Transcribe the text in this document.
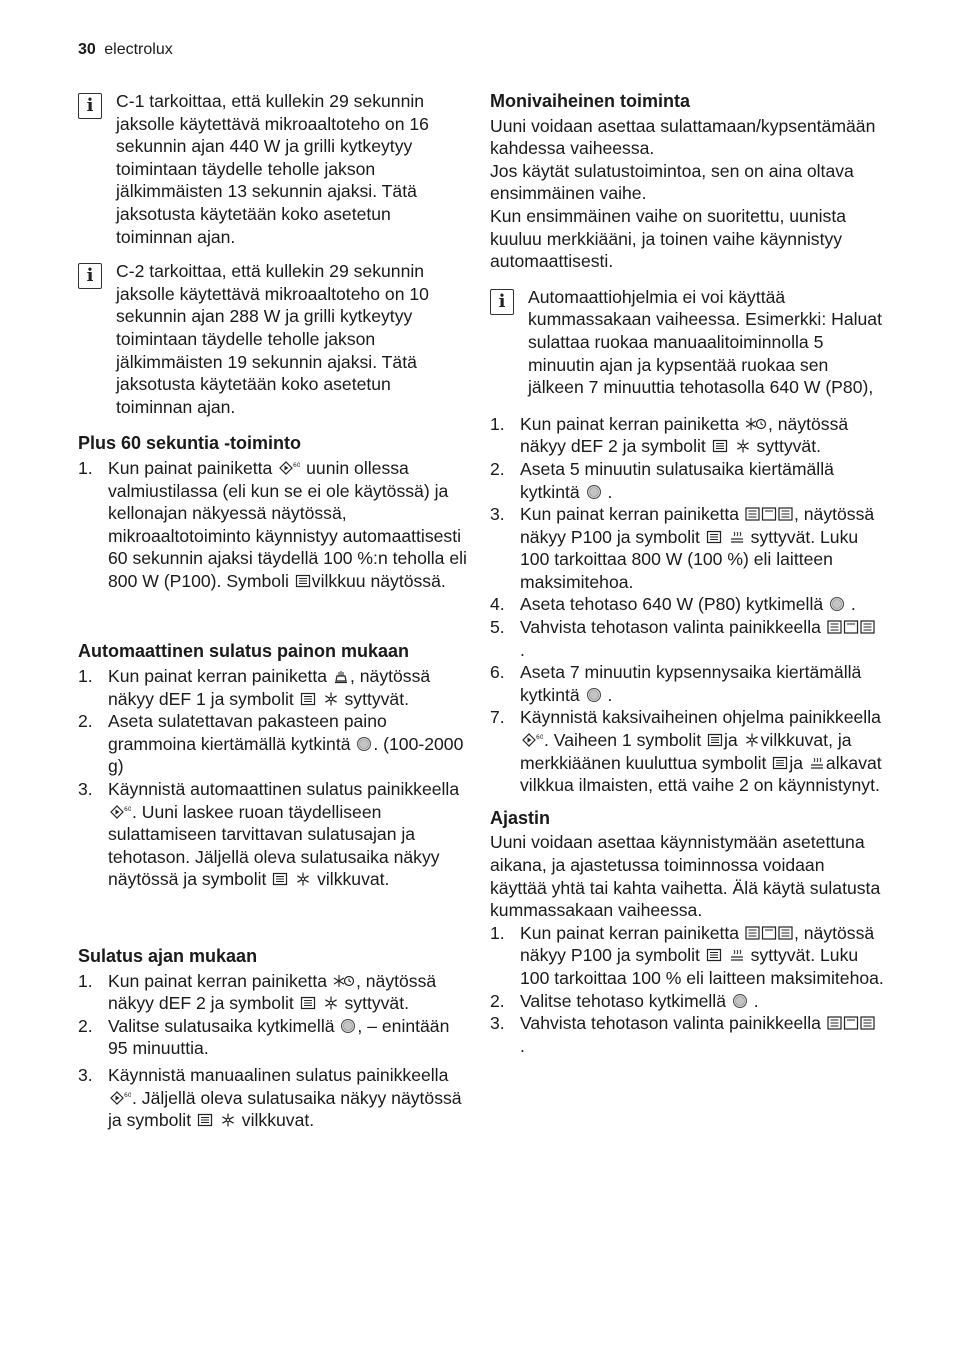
30 electrolux
i	C-1 tarkoittaa, että kullekin 29 sekunnin jaksolle käytettävä mikroaaltoteho on 16 sekunnin ajan 440 W ja grilli kytkeytyy toimintaan täydelle teholle jakson jälkimmäisten 13 sekunnin ajaksi. Tätä jaksotusta käytetään koko asetetun toiminnan ajan.

i	C-2 tarkoittaa, että kullekin 29 sekunnin jaksolle käytettävä mikroaaltoteho on 10 sekunnin ajan 288 W ja grilli kytkeytyy toimintaan täydelle teholle jakson jälkimmäisten 19 sekunnin ajaksi. Tätä jaksotusta käytetään koko asetetun toiminnan ajan.

Plus 60 sekuntia -toiminto
1. Kun painat painiketta uunin ollessa valmiustilassa (eli kun se ei ole käytössä) ja kellonajan näkyessä näytössä, mikroaaltotoiminto käynnistyy automaattisesti 60 sekunnin ajaksi täydellä 100 %:n teholla eli 800 W (P100). Symboli vilkkuu näytössä.
Automaattinen sulatus painon mukaan
1. Kun painat kerran painiketta , näytössä näkyy dEF 1 ja symbolit
	syttyvät.
2. Aseta sulatettavan pakasteen paino grammoina kiertämällä kytkintä . (100-2000 g)
3. Käynnistä automaattinen sulatus painikkeella
. Uuni laskee ruoan täydelliseen sulattamiseen tarvittavan sulatusajan ja tehotason. Jäljellä oleva sulatusaika näkyy näytössä ja symbolit
	vilkkuvat.
Sulatus ajan mukaan
1. Kun painat kerran painiketta , näytössä näkyy dEF 2 ja symbolit
	syttyvät.
2. Valitse sulatusaika kytkimellä , – enintään 95 minuuttia.
3. Käynnistä manuaalinen sulatus painikkeella
. Jäljellä oleva sulatusaika näkyy näytössä ja symbolit
	vilkkuvat.
Monivaiheinen toiminta

Uuni voidaan asettaa sulattamaan/kypsentämään kahdessa vaiheessa.

Jos käytät sulatustoimintoa, sen on aina oltava ensimmäinen vaihe.

Kun ensimmäinen vaihe on suoritettu, uunista kuuluu merkkiääni, ja toinen vaihe käynnistyy automaattisesti.

i	Automaattiohjelmia ei voi käyttää kummassakaan vaiheessa. Esimerkki: Haluat sulattaa ruokaa manuaalitoiminnolla 5 minuutin ajan ja kypsentää ruokaa sen jälkeen 7 minuuttia tehotasolla 640 W (P80),

1. Kun painat kerran painiketta , näytössä näkyy dEF 2 ja symbolit
	syttyvät.
2. Aseta 5 minuutin sulatusaika kiertämällä kytkintä .
3. Kun painat kerran painiketta	, näytössä näkyy P100 ja symbolit
	syttyvät. Luku 100 tarkoittaa 800 W (100 %) eli laitteen maksimitehoa.
4. Aseta tehotaso 640 W (P80) kytkimellä .
5. Vahvista tehotason valinta painikkeella
.
6. Aseta 7 minuutin kypsennysaika kiertämällä kytkintä .
7. Käynnistä kaksivaiheinen ohjelma painikkeella
. Vaiheen 1 symbolit ja vilkkuvat, ja merkkiäänen kuuluttua symbolit ja alkavat vilkkua ilmaisten, että vaihe 2 on käynnistynyt.
Ajastin

Uuni voidaan asettaa käynnistymään asetettuna aikana, ja ajastetussa toiminnossa voidaan käyttää yhtä tai kahta vaihetta. Älä käytä sulatusta kummassakaan vaiheessa.

1. Kun painat kerran painiketta	, näytössä näkyy P100 ja symbolit
	syttyvät. Luku 100 tarkoittaa 100 % eli laitteen maksimitehoa.
2. Valitse tehotaso kytkimellä .
3. Vahvista tehotason valinta painikkeella
.
